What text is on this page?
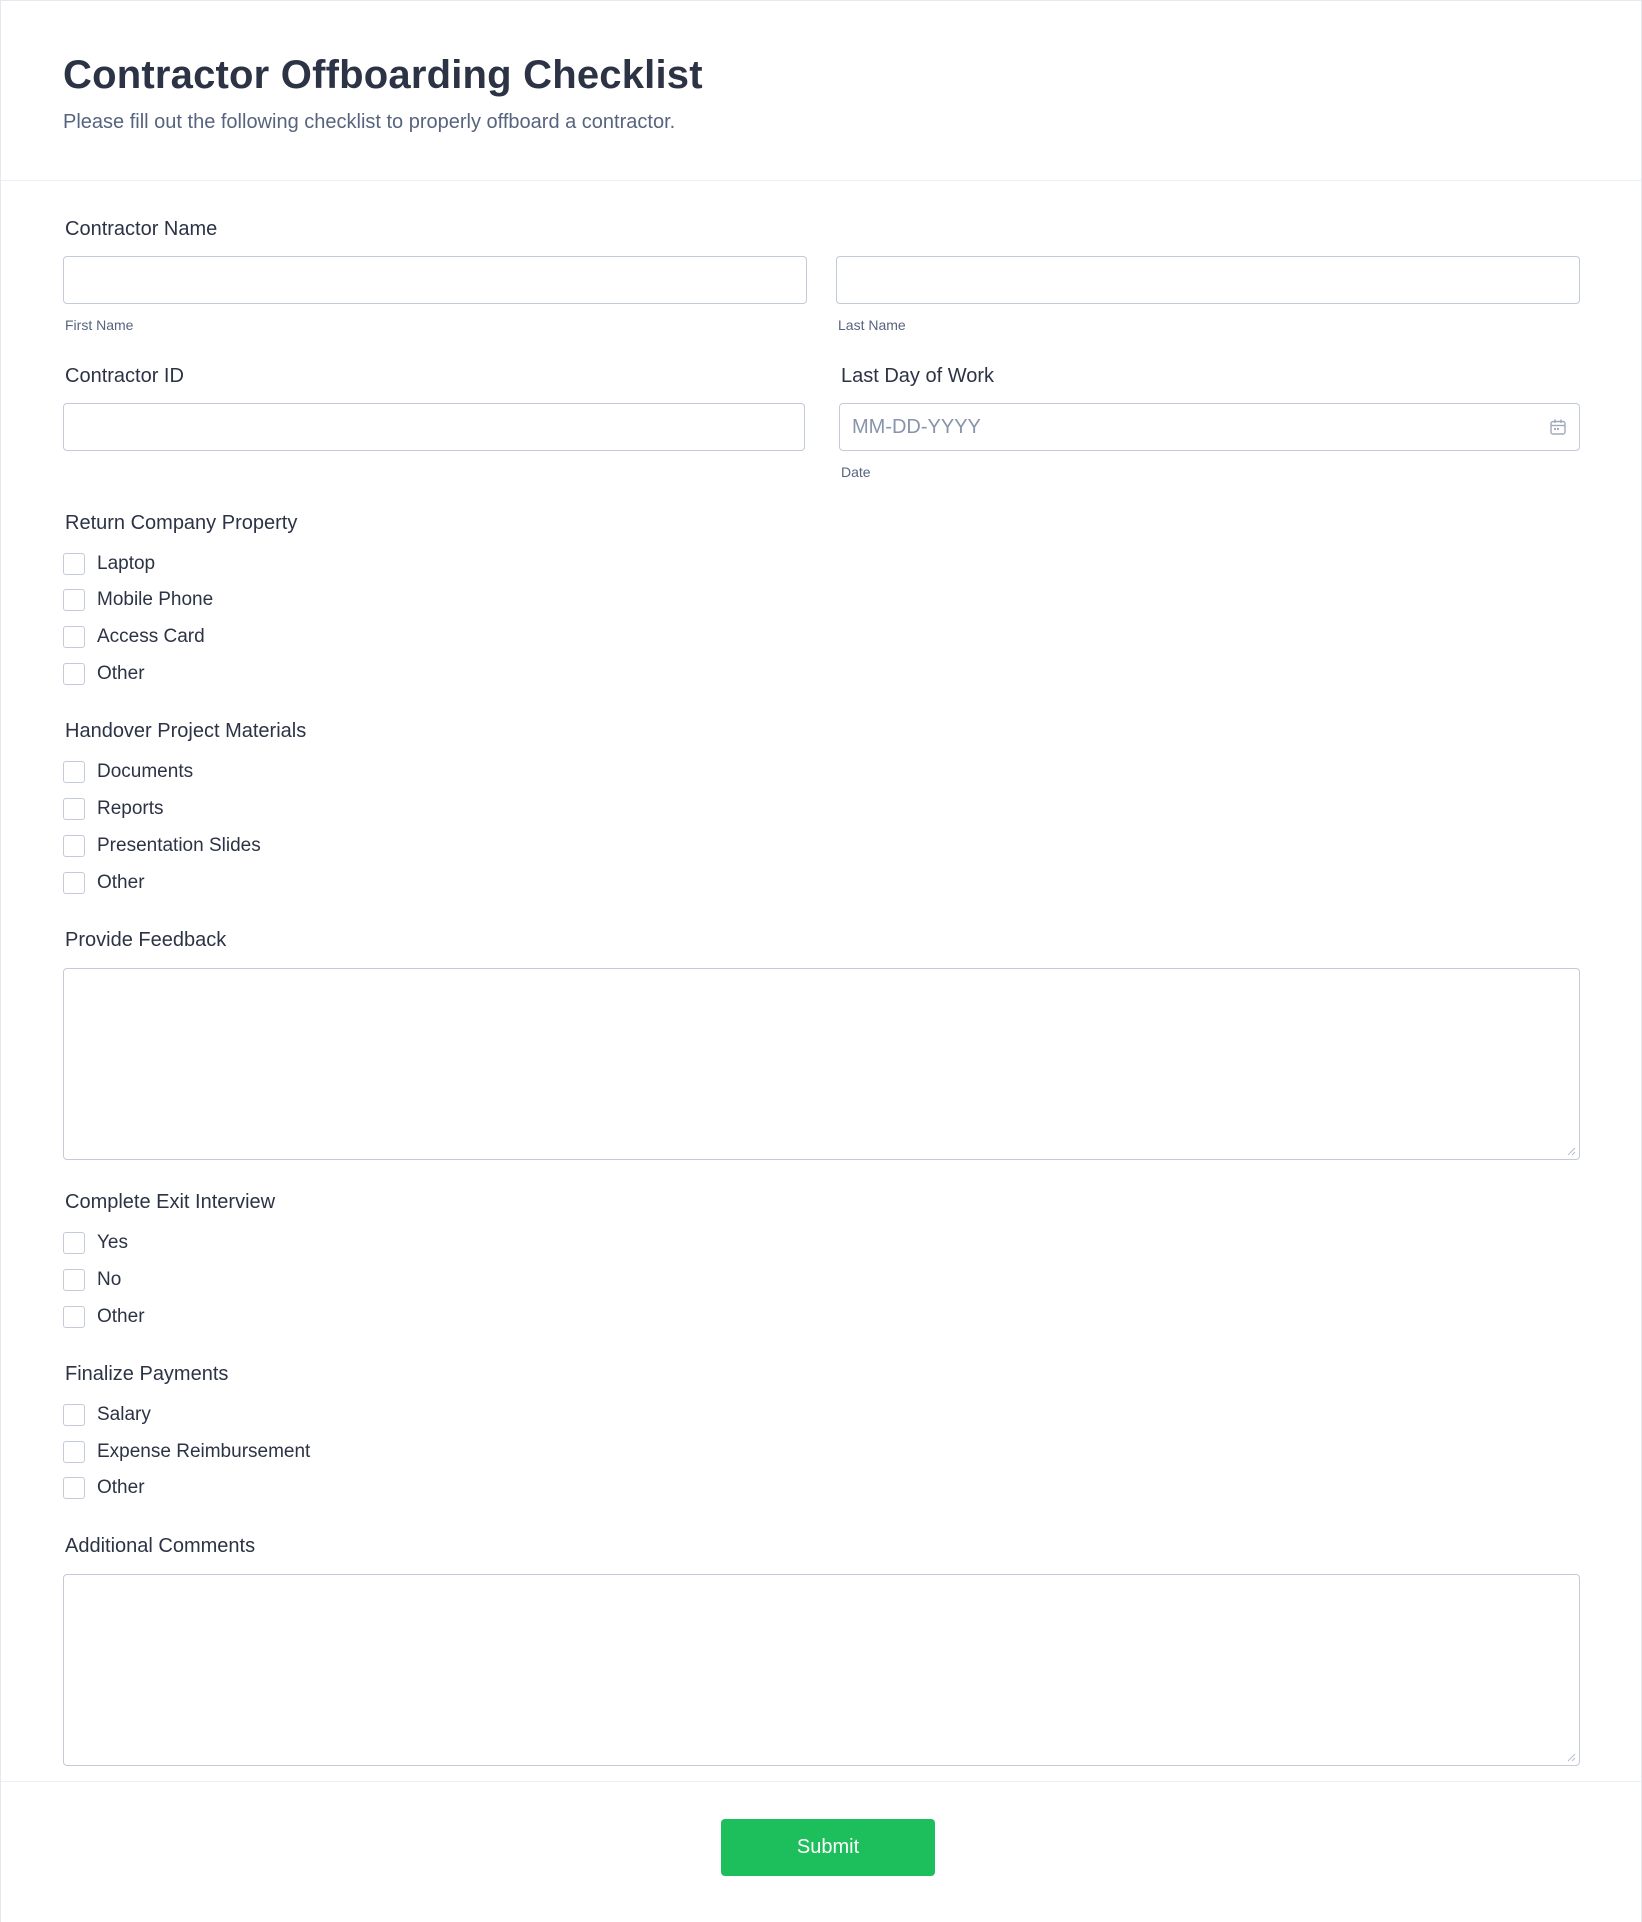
Contractor Offboarding Checklist
Please fill out the following checklist to properly offboard a contractor.
Contractor Name
First Name	Last Name
Contractor ID	Last Day of Work
MM-DD-YYYY
Date
Return Company Property
Laptop
Mobile Phone
Access Card
Other
Handover Project Materials
Documents
Reports
Presentation Slides
Other
Provide Feedback
Complete Exit Interview
Yes
No
Other
Finalize Payments
Salary
Expense Reimbursement
Other
Additional Comments
Submit
